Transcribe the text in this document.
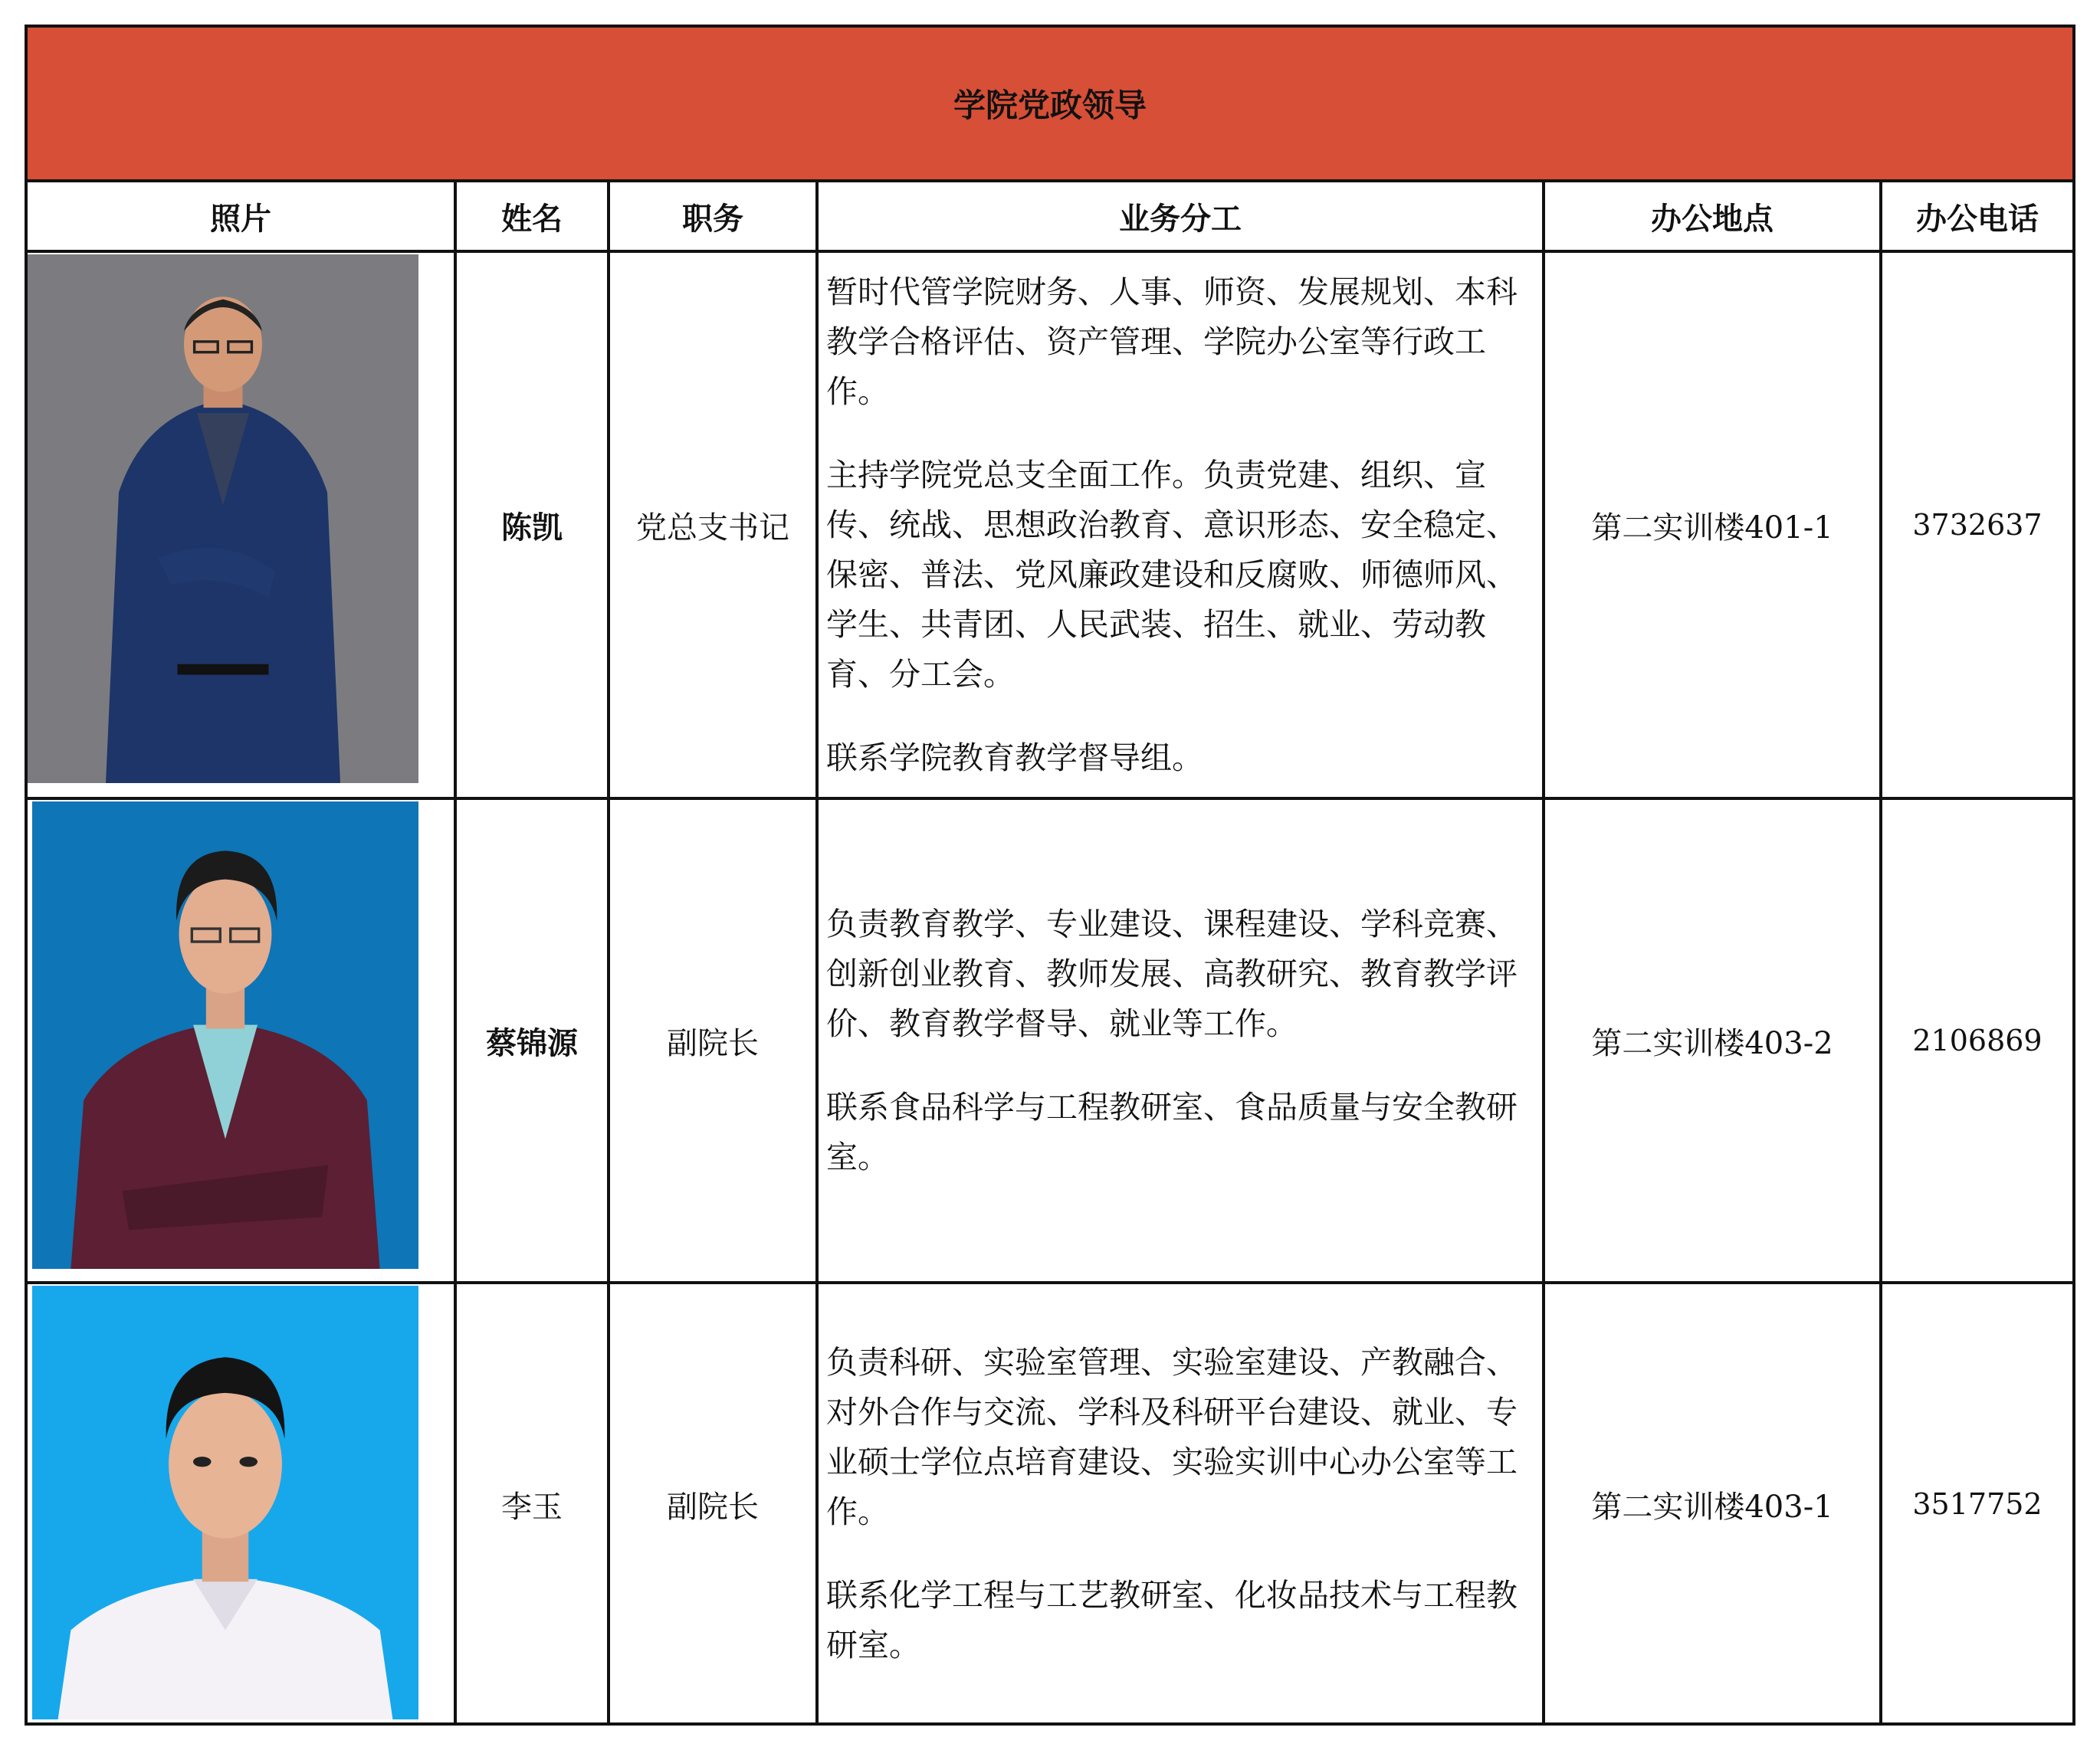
学院党政领导
照片	姓名	职务	业务分工	办公地点	办公电话

	陈凯	党总支书记	暂时代管学院财务、人事、师资、发展规划、本科教学合格评估、资产管理、学院办公室等行政工作。

主持学院党总支全面工作。负责党建、组织、宣传、统战、思想政治教育、意识形态、安全稳定、保密、普法、党风廉政建设和反腐败、师德师风、学生、共青团、人民武装、招生、就业、劳动教育、分工会。

联系学院教育教学督导组。	第二实训楼401-1	3732637

	蔡锦源	副院长	负责教育教学、专业建设、课程建设、学科竞赛、创新创业教育、教师发展、高教研究、教育教学评价、教育教学督导、就业等工作。

联系食品科学与工程教研室、食品质量与安全教研室。	第二实训楼403-2	2106869

	李玉	副院长	负责科研、实验室管理、实验室建设、产教融合、对外合作与交流、学科及科研平台建设、就业、专业硕士学位点培育建设、实验实训中心办公室等工作。

联系化学工程与工艺教研室、化妆品技术与工程教研室。	第二实训楼403-1	3517752
